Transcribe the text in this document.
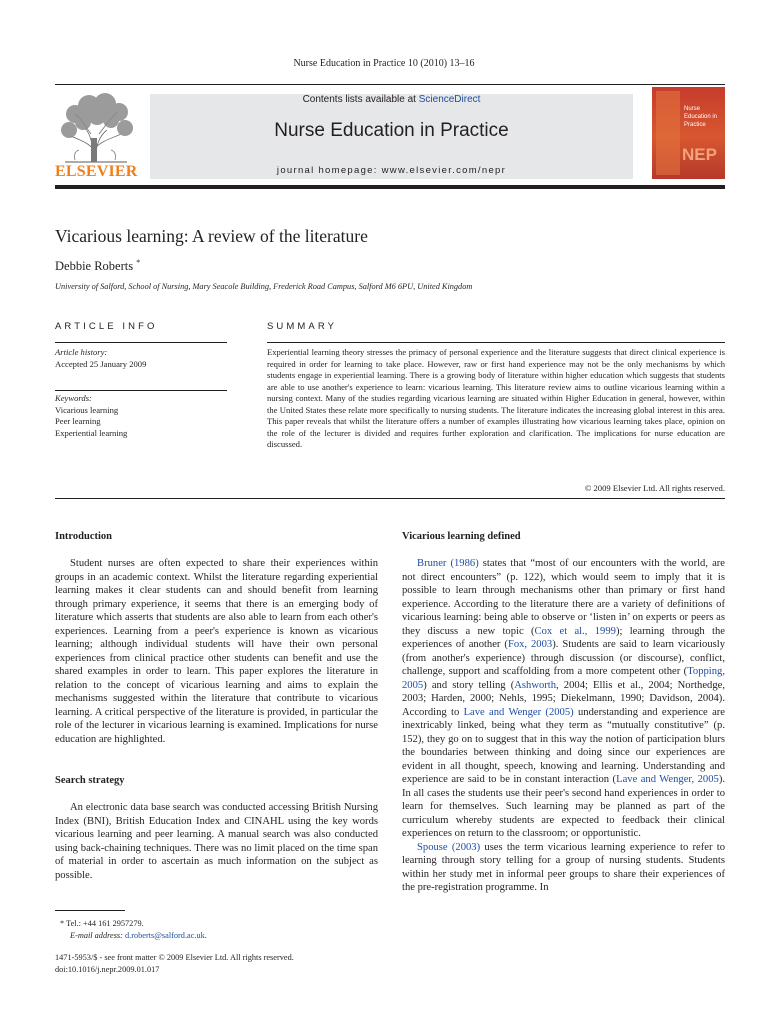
Nurse Education in Practice 10 (2010) 13–16
ELSEVIER
Contents lists available at ScienceDirect
Nurse Education in Practice
journal homepage: www.elsevier.com/nepr
Nurse Education in Practice
NEP
Vicarious learning: A review of the literature
Debbie Roberts *
University of Salford, School of Nursing, Mary Seacole Building, Frederick Road Campus, Salford M6 6PU, United Kingdom
ARTICLE INFO
Article history:
Accepted 25 January 2009
Keywords:
Vicarious learning
Peer learning
Experiential learning
SUMMARY
Experiential learning theory stresses the primacy of personal experience and the literature suggests that direct clinical experience is required in order for learning to take place. However, raw or first hand experience may not be the only mechanisms by which students engage in experiential learning. There is a growing body of literature within higher education which suggests that students are able to use another's experience to learn: vicarious learning. This literature review aims to outline vicarious learning within a nursing context. Many of the studies regarding vicarious learning are situated within Higher Education in general, however, within the United States these relate more specifically to nursing students. The literature indicates the increasing global interest in this area. This paper reveals that whilst the literature offers a number of examples illustrating how vicarious learning takes place, opinion on the role of the lecturer is divided and requires further exploration and clarification. The implications for nurse education are discussed.
© 2009 Elsevier Ltd. All rights reserved.
Introduction

Student nurses are often expected to share their experiences within groups in an academic context. Whilst the literature regarding experiential learning makes it clear students can and should benefit from learning through primary experience, it seems that there is an emerging body of literature which asserts that students are also able to learn from each other's experiences. Learning from a peer's experience is known as vicarious learning; although individual students will have their own personal experiences from clinical practice other students can benefit and use the shared examples in order to learn. This paper explores the literature in relation to the concept of vicarious learning and aims to explain the mechanisms suggested within the literature that contribute to vicarious learning. A critical perspective of the literature is provided, in particular the role of the lecturer in vicarious learning is examined. Implications for nurse education are highlighted.

Search strategy

An electronic data base search was conducted accessing British Nursing Index (BNI), British Education Index and CINAHL using the key words vicarious learning and peer learning. A manual search was also conducted using back-chaining techniques. There was no limit placed on the time span of material in order to ascertain as much information on the subject as possible.

Vicarious learning defined

Bruner (1986) states that “most of our encounters with the world, are not direct encounters” (p. 122), which would seem to imply that it is possible to learn through mechanisms other than primary or first hand experience. According to the literature there are a variety of definitions of vicarious learning: being able to observe or ‘listen in’ on experts or peers as they discuss a new topic (Cox et al., 1999); learning through the experiences of another (Fox, 2003). Students are said to learn vicariously (from another's experience) through discussion (or discourse), conflict, challenge, support and scaffolding from a more competent other (Topping, 2005) and story telling (Ashworth, 2004; Ellis et al., 2004; Northedge, 2003; Harden, 2000; Nehls, 1995; Diekelmann, 1990; Davidson, 2004). According to Lave and Wenger (2005) understanding and experience are inextricably linked, being what they term as “mutually constitutive” (p. 152), they go on to suggest that in this way the notion of participation blurs the boundaries between thinking and doing since our experiences are evident in all thought, speech, knowing and learning. Understanding and experience are said to be in constant interaction (Lave and Wenger, 2005). In all cases the students use their peer's second hand experiences in order to learn for themselves. Such learning may be planned as part of the curriculum whereby students are expected to feedback their clinical experiences on return to the classroom; or opportunistic.

Spouse (2003) uses the term vicarious learning experience to refer to learning through story telling for a group of nursing students. Students within her study met in informal peer groups to share their experiences of the pre-registration programme. In

* Tel.: +44 161 2957279.
E-mail address: d.roberts@salford.ac.uk.
1471-5953/$ - see front matter © 2009 Elsevier Ltd. All rights reserved.
doi:10.1016/j.nepr.2009.01.017
